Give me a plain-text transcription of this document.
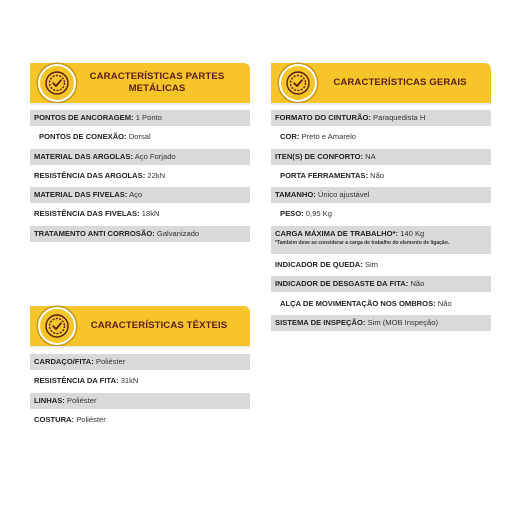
CARACTERÍSTICAS PARTES METÁLICAS
PONTOS DE ANCORAGEM: 1 Ponto
PONTOS DE CONEXÃO: Dorsal
MATERIAL DAS ARGOLAS: Aço Forjado
RESISTÊNCIA DAS ARGOLAS: 22kN
MATERIAL DAS FIVELAS: Aço
RESISTÊNCIA DAS FIVELAS: 18kN
TRATAMENTO ANTI CORROSÃO: Galvanizado
CARACTERÍSTICAS GERAIS
FORMATO DO CINTURÃO: Paraquedista H
COR: Preto e Amarelo
ITEN(S) DE CONFORTO: NA
PORTA FERRAMENTAS: Não
TAMANHO: Único ajustável
PESO: 0,95 Kg
CARGA MÁXIMA DE TRABALHO*: 140 Kg
*Também deve se considerar a carga de trabalho do elemento de ligação.
INDICADOR DE QUEDA: Sim
INDICADOR DE DESGASTE DA FITA: Não
ALÇA DE MOVIMENTAÇÃO NOS OMBROS: Não
SISTEMA DE INSPEÇÃO: Sim (MOB Inspeção)
CARACTERÍSTICAS TÊXTEIS
CARDAÇO/FITA: Poliéster
RESISTÊNCIA DA FITA: 31kN
LINHAS: Poliéster
COSTURA: Poliéster
